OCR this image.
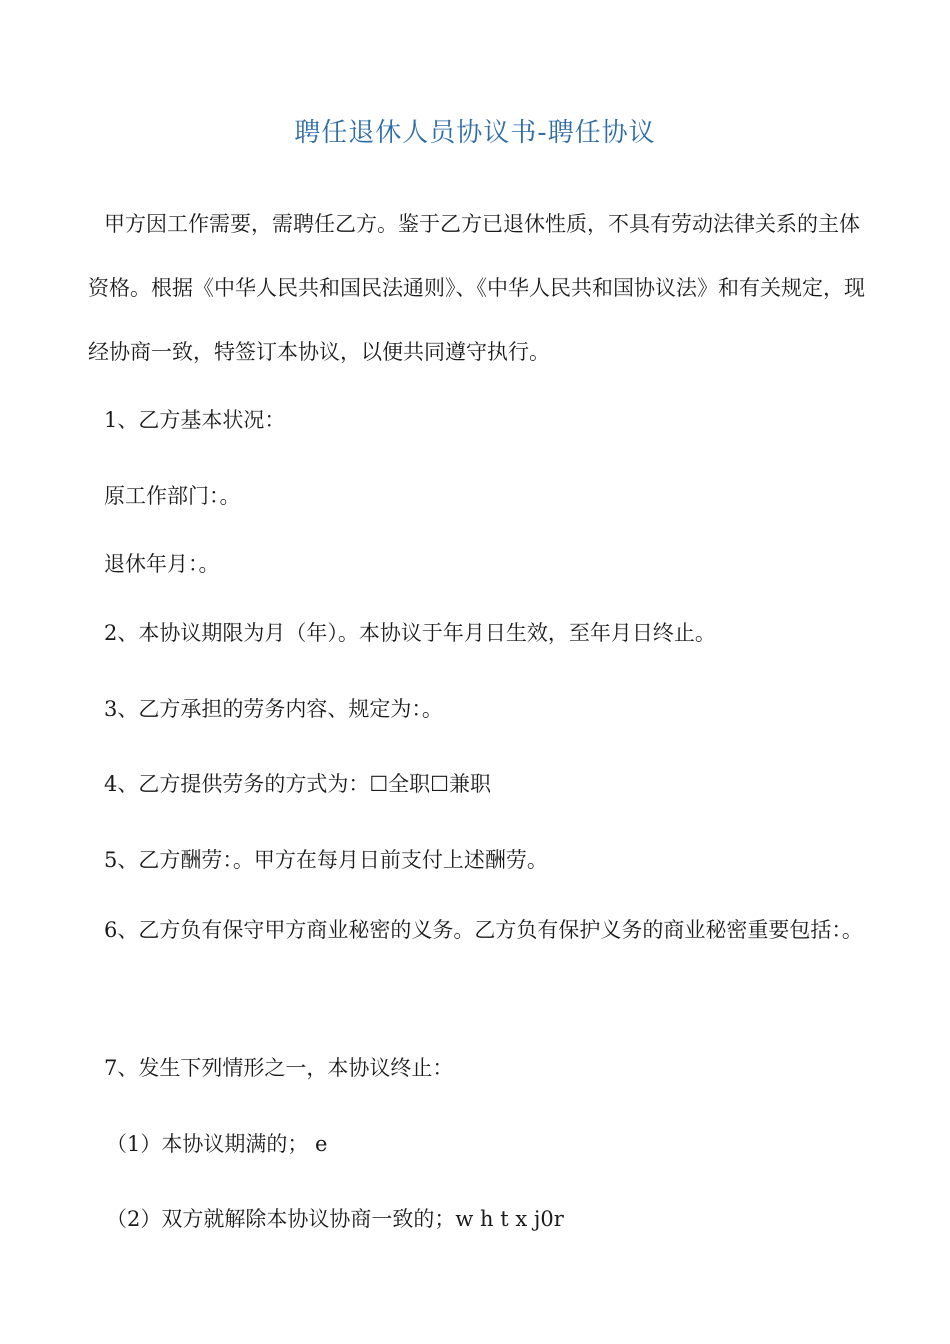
聘任退休人员协议书-聘任协议
甲方因工作需要，需聘任乙方。鉴于乙方已退休性质，不具有劳动法律关系的主体资格。根据《中华人民共和国民法通则》、《中华人民共和国协议法》和有关规定，现经协商一致，特签订本协议，以便共同遵守执行。
1、乙方基本状况：
原工作部门：。
退休年月：。
2、本协议期限为月（年）。本协议于年月日生效，至年月日终止。
3、乙方承担的劳务内容、规定为：。
4、乙方提供劳务的方式为：☐全职☐兼职
5、乙方酬劳：。甲方在每月日前支付上述酬劳。
6、乙方负有保守甲方商业秘密的义务。乙方负有保护义务的商业秘密重要包括：。
7、发生下列情形之一，本协议终止：
（1）本协议期满的； e
（2）双方就解除本协议协商一致的；w h t x j0r
